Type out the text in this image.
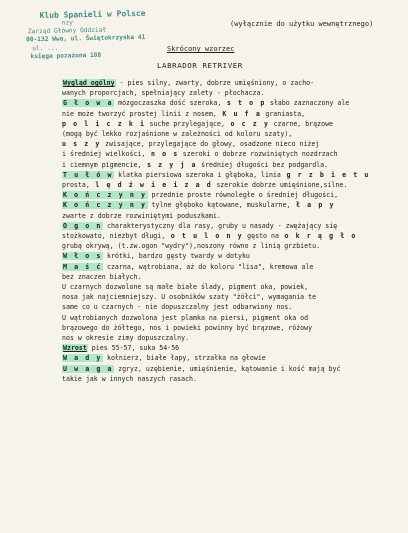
Klub Spanieli w Polsce
nzy
Zarząd Główny Oddział
00-132 Wwa, ul. Świętokrzyska 41
ul. ...
księga pozażona 188
(wyłącznie do użytku wewnętrznego)
Skrócony wzorzec
LABRADOR RETRIVER

Wygląd ogólny - pies silny, zwarty, dobrze umięśniony, o zacho-

wanych proporcjach, spełniający zalety - płochacza.

G ł o w a mózgoczaszka dość szeroka, s t o p słabo zaznaczony ale

nie może tworzyć prostej linii z nosem, K u f a graniasta,

p o l i c z k i suche przylegające, o c z y czarne, brązowe

(mogą być lekko rozjaśnione w zależności od koloru szaty),

u s z y zwisające, przylegające do głowy, osadzone nieco niżej

i średniej wielkości, n o s szeroki o dobrze rozwiniętych nozdrzach

i ciemnym pigmencie, s z y j a średniej długości bez podgardla.

T u ł ó w klatka piersiowa szeroka i głęboka, linia g r z b i e t u

prosta, l ę d ź w i e i z a d szerokie dobrze umięśnione,silne.

K o ń c z y n y przednie proste równoległe o średniej długości,

K o ń c z y n y tylne głęboko kątowane, muskularne, ł a p y

zwarte z dobrze rozwiniętymi poduszkami.

O g o n charakterystyczny dla rasy, gruby u nasady - zwężający się

stożkowato, niezbyt długi, o t u l o n y gęsto na o k r ą g ł o

grubą okrywą, (t.zw.ogon "wydry"),noszony równo z linią grzbietu.

W ł o s krótki, bardzo gęsty twardy w dotyku

M a ś ć czarna, wątrobiana, aż do koloru "lisa", kremowa ale

bez znaczen białych.

U czarnych dozwolone są małe białe ślady, pigment oka, powiek,

nosa jak najciemniejszy. U osobników szaty "żółci", wymagania te

same co u czarnych - nie dopuszczalny jest odbarwiony nos.

U wątrobianych dozwolona jest plamka na piersi, pigment oka od

brązowego do żółtego, nos i powieki powinny być brązowe, różowy

nos w okresie zimy dopuszczalny.

Wzrost pies 55-57, suka 54-56

W a d y kołnierz, białe łapy, strzałka na głowie

U w a g a zgryz, uzębienie, umięśnienie, kątowanie i kość mają być

takie jak w innych naszych rasach.
